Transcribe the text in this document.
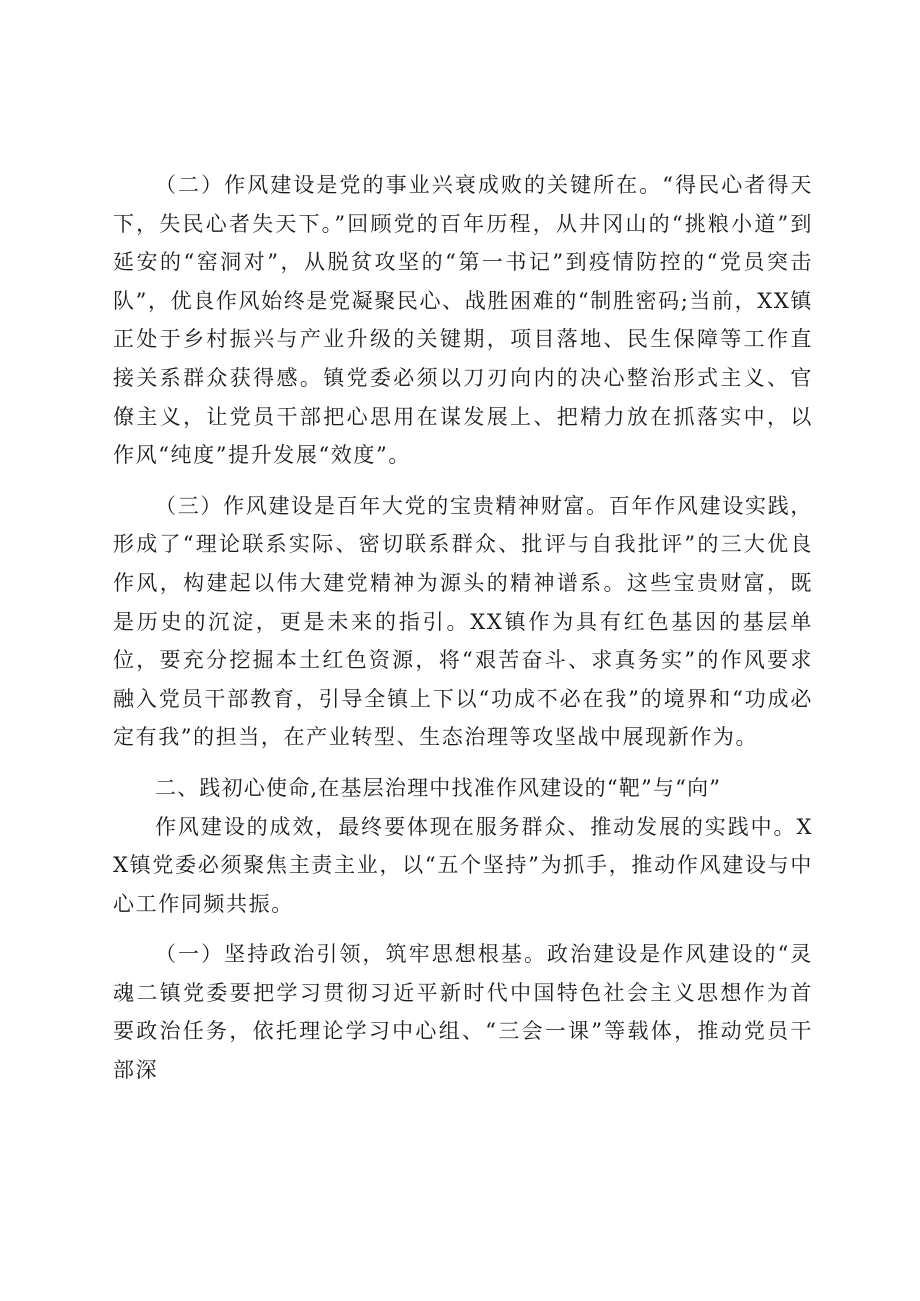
（二）作风建设是党的事业兴衰成败的关键所在。“得民心者得天下，失民心者失天下。”回顾党的百年历程，从井冈山的“挑粮小道”到延安的“窑洞对”，从脱贫攻坚的“第一书记”到疫情防控的“党员突击队”，优良作风始终是党凝聚民心、战胜困难的“制胜密码;当前，XX镇正处于乡村振兴与产业升级的关键期，项目落地、民生保障等工作直接关系群众获得感。镇党委必须以刀刃向内的决心整治形式主义、官僚主义，让党员干部把心思用在谋发展上、把精力放在抓落实中，以作风“纯度”提升发展“效度”。

（三）作风建设是百年大党的宝贵精神财富。百年作风建设实践，形成了“理论联系实际、密切联系群众、批评与自我批评”的三大优良作风，构建起以伟大建党精神为源头的精神谱系。这些宝贵财富，既是历史的沉淀，更是未来的指引。XX镇作为具有红色基因的基层单位，要充分挖掘本土红色资源，将“艰苦奋斗、求真务实”的作风要求融入党员干部教育，引导全镇上下以“功成不必在我”的境界和“功成必定有我”的担当，在产业转型、生态治理等攻坚战中展现新作为。

二、践初心使命,在基层治理中找准作风建设的“靶”与“向”

作风建设的成效，最终要体现在服务群众、推动发展的实践中。XX镇党委必须聚焦主责主业，以“五个坚持”为抓手，推动作风建设与中心工作同频共振。

（一）坚持政治引领，筑牢思想根基。政治建设是作风建设的“灵魂二镇党委要把学习贯彻习近平新时代中国特色社会主义思想作为首要政治任务，依托理论学习中心组、“三会一课”等载体，推动党员干部深
